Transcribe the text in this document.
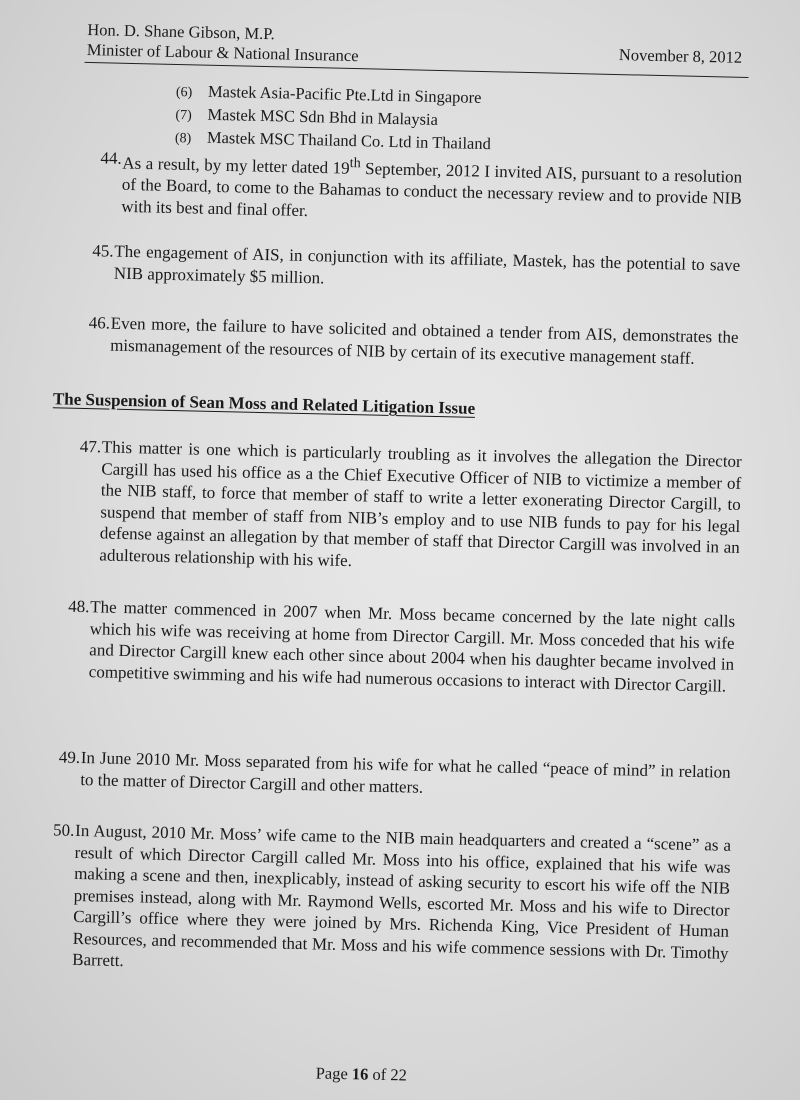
Hon. D. Shane Gibson, M.P.
Minister of Labour & National Insurance	November 8, 2012
(6) Mastek Asia-Pacific Pte.Ltd in Singapore
(7) Mastek MSC Sdn Bhd in Malaysia
(8) Mastek MSC Thailand Co. Ltd in Thailand
44. As a result, by my letter dated 19th September, 2012 I invited AIS, pursuant to a resolution of the Board, to come to the Bahamas to conduct the necessary review and to provide NIB with its best and final offer.
45. The engagement of AIS, in conjunction with its affiliate, Mastek, has the potential to save NIB approximately $5 million.
46. Even more, the failure to have solicited and obtained a tender from AIS, demonstrates the mismanagement of the resources of NIB by certain of its executive management staff.
The Suspension of Sean Moss and Related Litigation Issue
47. This matter is one which is particularly troubling as it involves the allegation the Director Cargill has used his office as a the Chief Executive Officer of NIB to victimize a member of the NIB staff, to force that member of staff to write a letter exonerating Director Cargill, to suspend that member of staff from NIB’s employ and to use NIB funds to pay for his legal defense against an allegation by that member of staff that Director Cargill was involved in an adulterous relationship with his wife.
48. The matter commenced in 2007 when Mr. Moss became concerned by the late night calls which his wife was receiving at home from Director Cargill. Mr. Moss conceded that his wife and Director Cargill knew each other since about 2004 when his daughter became involved in competitive swimming and his wife had numerous occasions to interact with Director Cargill.
49. In June 2010 Mr. Moss separated from his wife for what he called “peace of mind” in relation to the matter of Director Cargill and other matters.
50. In August, 2010 Mr. Moss’ wife came to the NIB main headquarters and created a “scene” as a result of which Director Cargill called Mr. Moss into his office, explained that his wife was making a scene and then, inexplicably, instead of asking security to escort his wife off the NIB premises instead, along with Mr. Raymond Wells, escorted Mr. Moss and his wife to Director Cargill’s office where they were joined by Mrs. Richenda King, Vice President of Human Resources, and recommended that Mr. Moss and his wife commence sessions with Dr. Timothy Barrett.
Page 16 of 22
